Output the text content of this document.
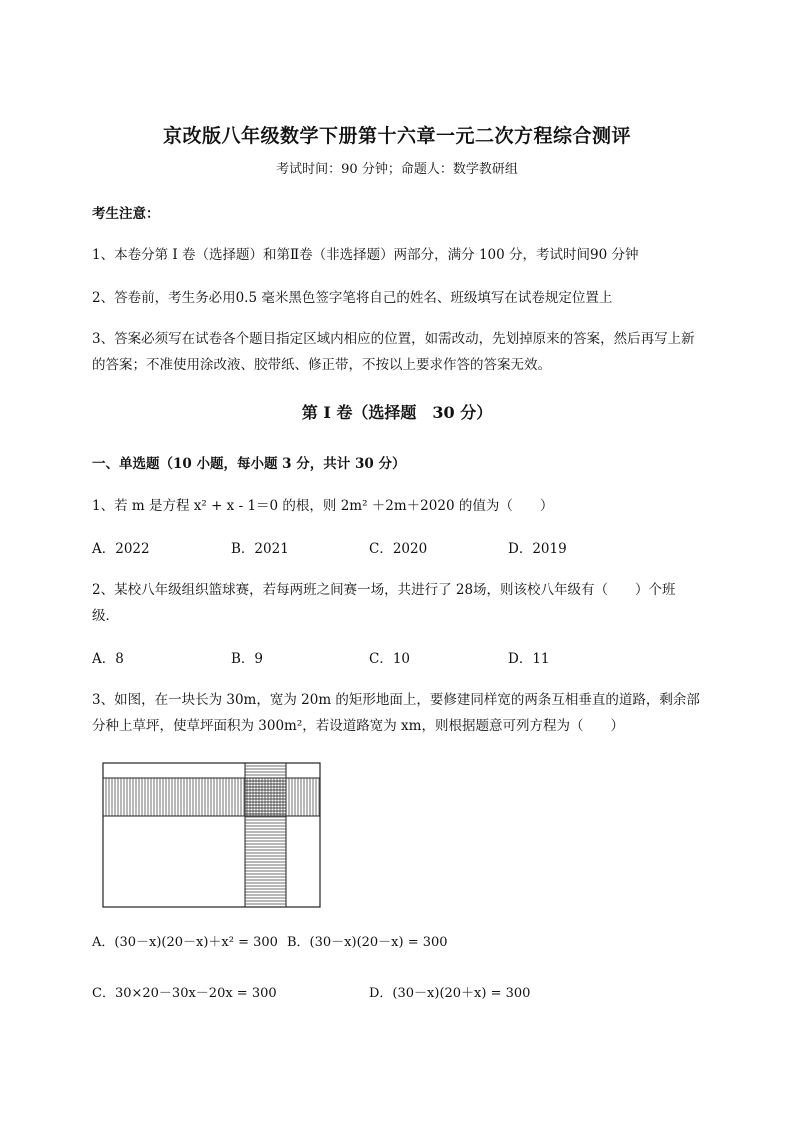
京改版八年级数学下册第十六章一元二次方程综合测评
考试时间：90 分钟；命题人：数学教研组
考生注意：
1、本卷分第 I 卷（选择题）和第Ⅱ卷（非选择题）两部分，满分 100 分，考试时间90 分钟
2、答卷前，考生务必用0.5 毫米黑色签字笔将自己的姓名、班级填写在试卷规定位置上
3、答案必须写在试卷各个题目指定区域内相应的位置，如需改动，先划掉原来的答案，然后再写上新
的答案；不准使用涂改液、胶带纸、修正带，不按以上要求作答的答案无效。
第 I 卷（选择题　30 分）
一、单选题（10 小题，每小题 3 分，共计 30 分）
1、若 m 是方程 x² + x - 1＝0 的根，则 2m² ＋2m＋2020 的值为（　　）
A．2022	B．2021	C．2020	D．2019
2、某校八年级组织篮球赛，若每两班之间赛一场，共进行了 28场，则该校八年级有（　　）个班
级．
A．8	B．9	C．10	D．11
3、如图，在一块长为 30m，宽为 20m 的矩形地面上，要修建同样宽的两条互相垂直的道路，剩余部
分种上草坪，使草坪面积为 300m²，若设道路宽为 xm，则根据题意可列方程为（　　）
A．(30－x)(20－x)＋x² = 300 B．(30－x)(20－x) = 300
C．30×20－30x－20x = 300	D．(30－x)(20＋x) = 300
